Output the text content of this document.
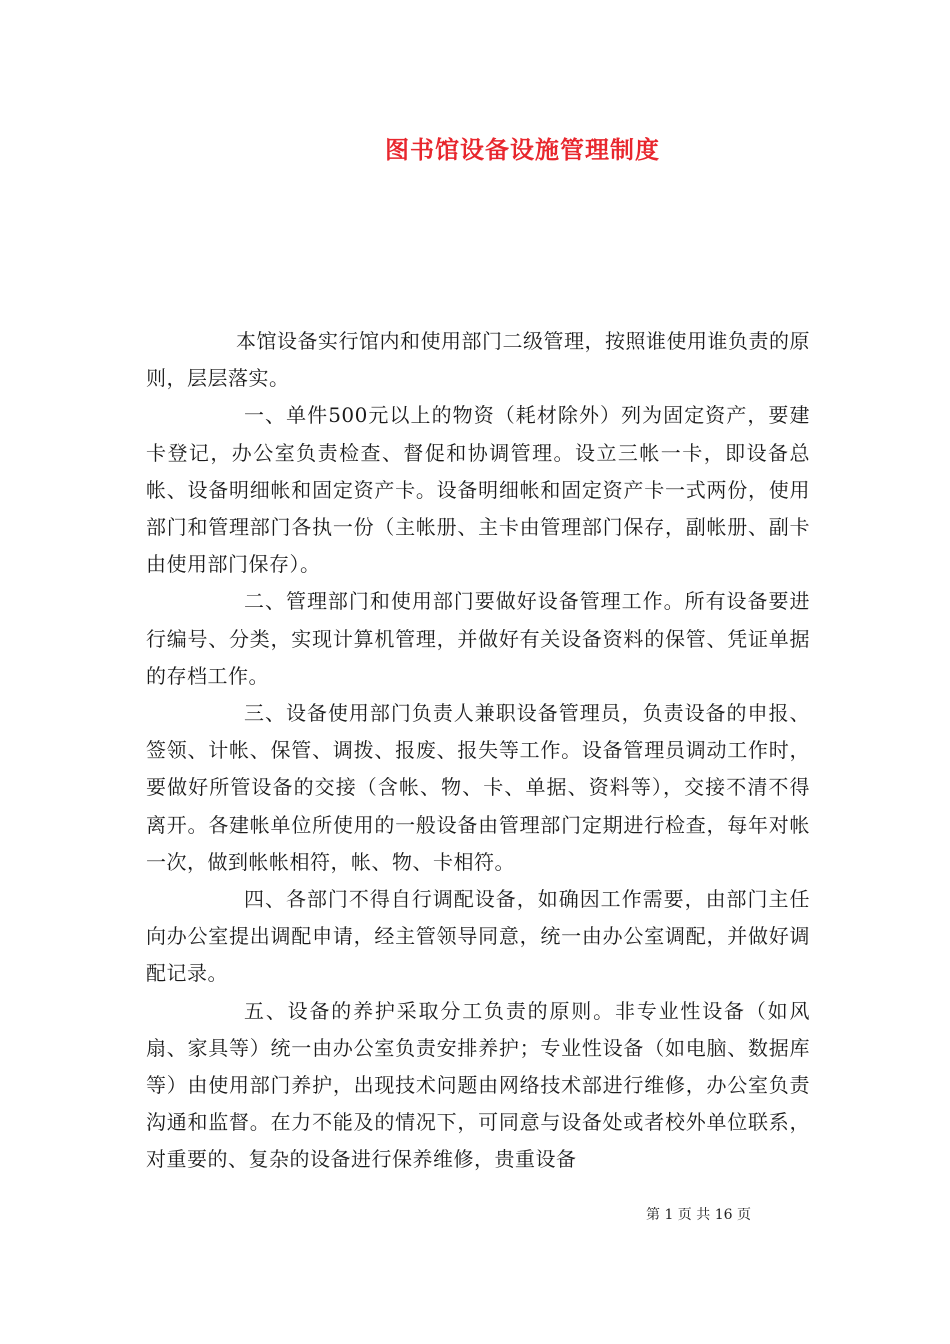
图书馆设备设施管理制度

本馆设备实行馆内和使用部门二级管理，按照谁使用谁负责的原则，层层落实。

一、单件500元以上的物资（耗材除外）列为固定资产，要建卡登记，办公室负责检查、督促和协调管理。设立三帐一卡，即设备总帐、设备明细帐和固定资产卡。设备明细帐和固定资产卡一式两份，使用部门和管理部门各执一份（主帐册、主卡由管理部门保存，副帐册、副卡由使用部门保存）。

二、管理部门和使用部门要做好设备管理工作。所有设备要进行编号、分类，实现计算机管理，并做好有关设备资料的保管、凭证单据的存档工作。

三、设备使用部门负责人兼职设备管理员，负责设备的申报、签领、计帐、保管、调拨、报废、报失等工作。设备管理员调动工作时，要做好所管设备的交接（含帐、物、卡、单据、资料等），交接不清不得离开。各建帐单位所使用的一般设备由管理部门定期进行检查，每年对帐一次，做到帐帐相符，帐、物、卡相符。

四、各部门不得自行调配设备，如确因工作需要，由部门主任向办公室提出调配申请，经主管领导同意，统一由办公室调配，并做好调配记录。

五、设备的养护采取分工负责的原则。非专业性设备（如风扇、家具等）统一由办公室负责安排养护；专业性设备（如电脑、数据库等）由使用部门养护，出现技术问题由网络技术部进行维修，办公室负责沟通和监督。在力不能及的情况下，可同意与设备处或者校外单位联系，对重要的、复杂的设备进行保养维修，贵重设备

第 1 页 共 16 页
